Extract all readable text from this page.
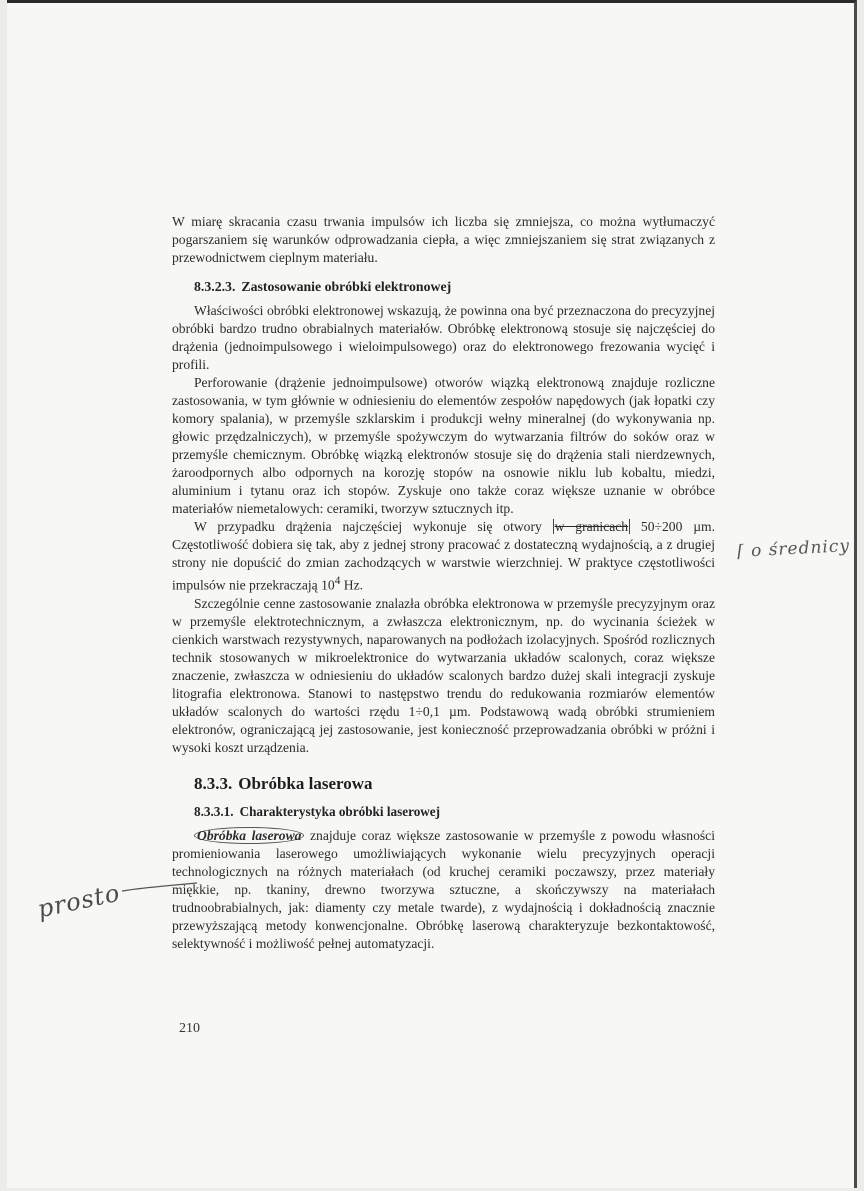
W miarę skracania czasu trwania impulsów ich liczba się zmniejsza, co można wytłumaczyć pogarszaniem się warunków odprowadzania ciepła, a więc zmniejszaniem się strat związanych z przewodnictwem cieplnym materiału.

8.3.2.3. Zastosowanie obróbki elektronowej

Właściwości obróbki elektronowej wskazują, że powinna ona być przeznaczona do precyzyjnej obróbki bardzo trudno obrabialnych materiałów. Obróbkę elektronową stosuje się najczęściej do drążenia (jednoimpulsowego i wieloimpulsowego) oraz do elektronowego frezowania wycięć i profili.

Perforowanie (drążenie jednoimpulsowe) otworów wiązką elektronową znajduje rozliczne zastosowania, w tym głównie w odniesieniu do elementów zespołów napędowych (jak łopatki czy komory spalania), w przemyśle szklarskim i produkcji wełny mineralnej (do wykonywania np. głowic przędzalniczych), w przemyśle spożywczym do wytwarzania filtrów do soków oraz w przemyśle chemicznym. Obróbkę wiązką elektronów stosuje się do drążenia stali nierdzewnych, żaroodpornych albo odpornych na korozję stopów na osnowie niklu lub kobaltu, miedzi, aluminium i tytanu oraz ich stopów. Zyskuje ono także coraz większe uznanie w obróbce materiałów niemetalowych: ceramiki, tworzyw sztucznych itp.

W przypadku drążenia najczęściej wykonuje się otwory w granicach 50÷200 µm. Częstotliwość dobiera się tak, aby z jednej strony pracować z dostateczną wydajnością, a z drugiej strony nie dopuścić do zmian zachodzących w warstwie wierzchniej. W praktyce częstotliwości impulsów nie przekraczają $10^4$ Hz.

Szczególnie cenne zastosowanie znalazła obróbka elektronowa w przemyśle precyzyjnym oraz w przemyśle elektrotechnicznym, a zwłaszcza elektronicznym, np. do wycinania ścieżek w cienkich warstwach rezystywnych, naparowanych na podłożach izolacyjnych. Spośród rozlicznych technik stosowanych w mikroelektronice do wytwarzania układów scalonych, coraz większe znaczenie, zwłaszcza w odniesieniu do układów scalonych bardzo dużej skali integracji zyskuje litografia elektronowa. Stanowi to następstwo trendu do redukowania rozmiarów elementów układów scalonych do wartości rzędu 1÷0,1 µm. Podstawową wadą obróbki strumieniem elektronów, ograniczającą jej zastosowanie, jest konieczność przeprowadzania obróbki w próżni i wysoki koszt urządzenia.

8.3.3. Obróbka laserowa
8.3.3.1. Charakterystyka obróbki laserowej

Obróbka laserowa znajduje coraz większe zastosowanie w przemyśle z powodu własności promieniowania laserowego umożliwiających wykonanie wielu precyzyjnych operacji technologicznych na różnych materiałach (od kruchej ceramiki poczawszy, przez materiały miękkie, np. tkaniny, drewno tworzywa sztuczne, a skończywszy na materiałach trudnoobrabialnych, jak: diamenty czy metale twarde), z wydajnością i dokładnością znacznie przewyższającą metody konwencjonalne. Obróbkę laserową charakteryzuje bezkontaktowość, selektywność i możliwość pełnej automatyzacji.

210
⌈ o średnicy
prosto
